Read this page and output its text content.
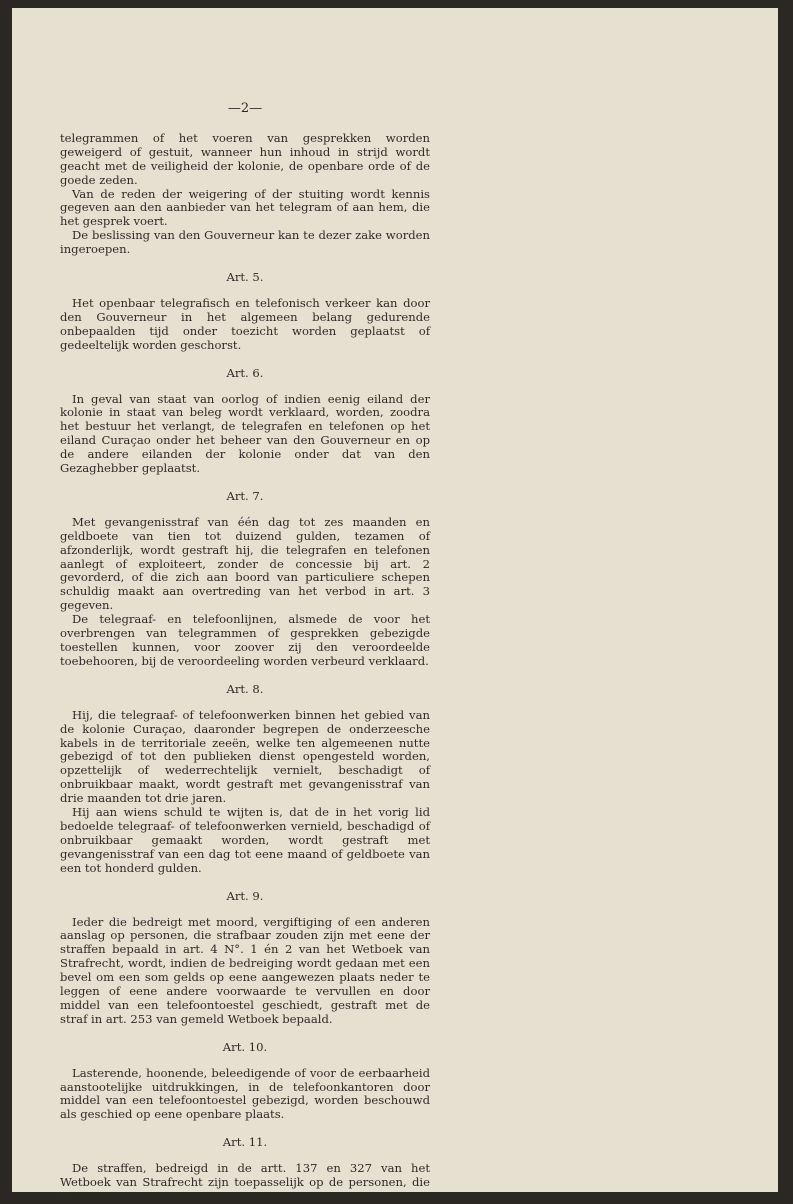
—2—

telegrammen of het voeren van gesprekken worden geweigerd of gestuit, wanneer hun inhoud in strijd wordt geacht met de veiligheid der kolonie, de openbare orde of de goede zeden.

Van de reden der weigering of der stuiting wordt kennis gegeven aan den aanbieder van het telegram of aan hem, die het gesprek voert.

De beslissing van den Gouverneur kan te dezer zake worden ingeroepen.

Art. 5.

Het openbaar telegrafisch en telefonisch verkeer kan door den Gouverneur in het algemeen belang gedurende onbepaalden tijd onder toezicht worden geplaatst of gedeeltelijk worden geschorst.

Art. 6.

In geval van staat van oorlog of indien eenig eiland der kolonie in staat van beleg wordt verklaard, worden, zoodra het bestuur het verlangt, de telegrafen en telefonen op het eiland Curaçao onder het beheer van den Gouverneur en op de andere eilanden der kolonie onder dat van den Gezaghebber geplaatst.

Art. 7.

Met gevangenisstraf van één dag tot zes maanden en geldboete van tien tot duizend gulden, tezamen of afzonderlijk, wordt gestraft hij, die telegrafen en telefonen aanlegt of exploiteert, zonder de concessie bij art. 2 gevorderd, of die zich aan boord van particuliere schepen schuldig maakt aan overtreding van het verbod in art. 3 gegeven.

De telegraaf- en telefoonlijnen, alsmede de voor het overbrengen van telegrammen of gesprekken gebezigde toestellen kunnen, voor zoover zij den veroordeelde toebehooren, bij de veroordeeling worden verbeurd verklaard.

Art. 8.

Hij, die telegraaf- of telefoonwerken binnen het gebied van de kolonie Curaçao, daaronder begrepen de onderzeesche kabels in de territoriale zeeën, welke ten algemeenen nutte gebezigd of tot den publieken dienst opengesteld worden, opzettelijk of wederrechtelijk vernielt, beschadigt of onbruikbaar maakt, wordt gestraft met gevangenisstraf van drie maanden tot drie jaren.

Hij aan wiens schuld te wijten is, dat de in het vorig lid bedoelde telegraaf- of telefoonwerken vernield, beschadigd of onbruikbaar gemaakt worden, wordt gestraft met gevangenisstraf van een dag tot eene maand of geldboete van een tot honderd gulden.

Art. 9.

Ieder die bedreigt met moord, vergiftiging of een anderen aanslag op personen, die strafbaar zouden zijn met eene der straffen bepaald in art. 4 N°. 1 én 2 van het Wetboek van Strafrecht, wordt, indien de bedreiging wordt gedaan met een bevel om een som gelds op eene aangewezen plaats neder te leggen of eene andere voorwaarde te vervullen en door middel van een telefoontoestel geschiedt, gestraft met de straf in art. 253 van gemeld Wetboek bepaald.

Art. 10.

Lasterende, hoonende, beleedigende of voor de eerbaarheid aanstootelijke uitdrukkingen, in de telefoonkantoren door middel van een telefoontoestel gebezigd, worden beschouwd als geschied op eene openbare plaats.

Art. 11.

De straffen, bedreigd in de artt. 137 en 327 van het Wetboek van Strafrecht zijn toepasselijk op de personen, die in
